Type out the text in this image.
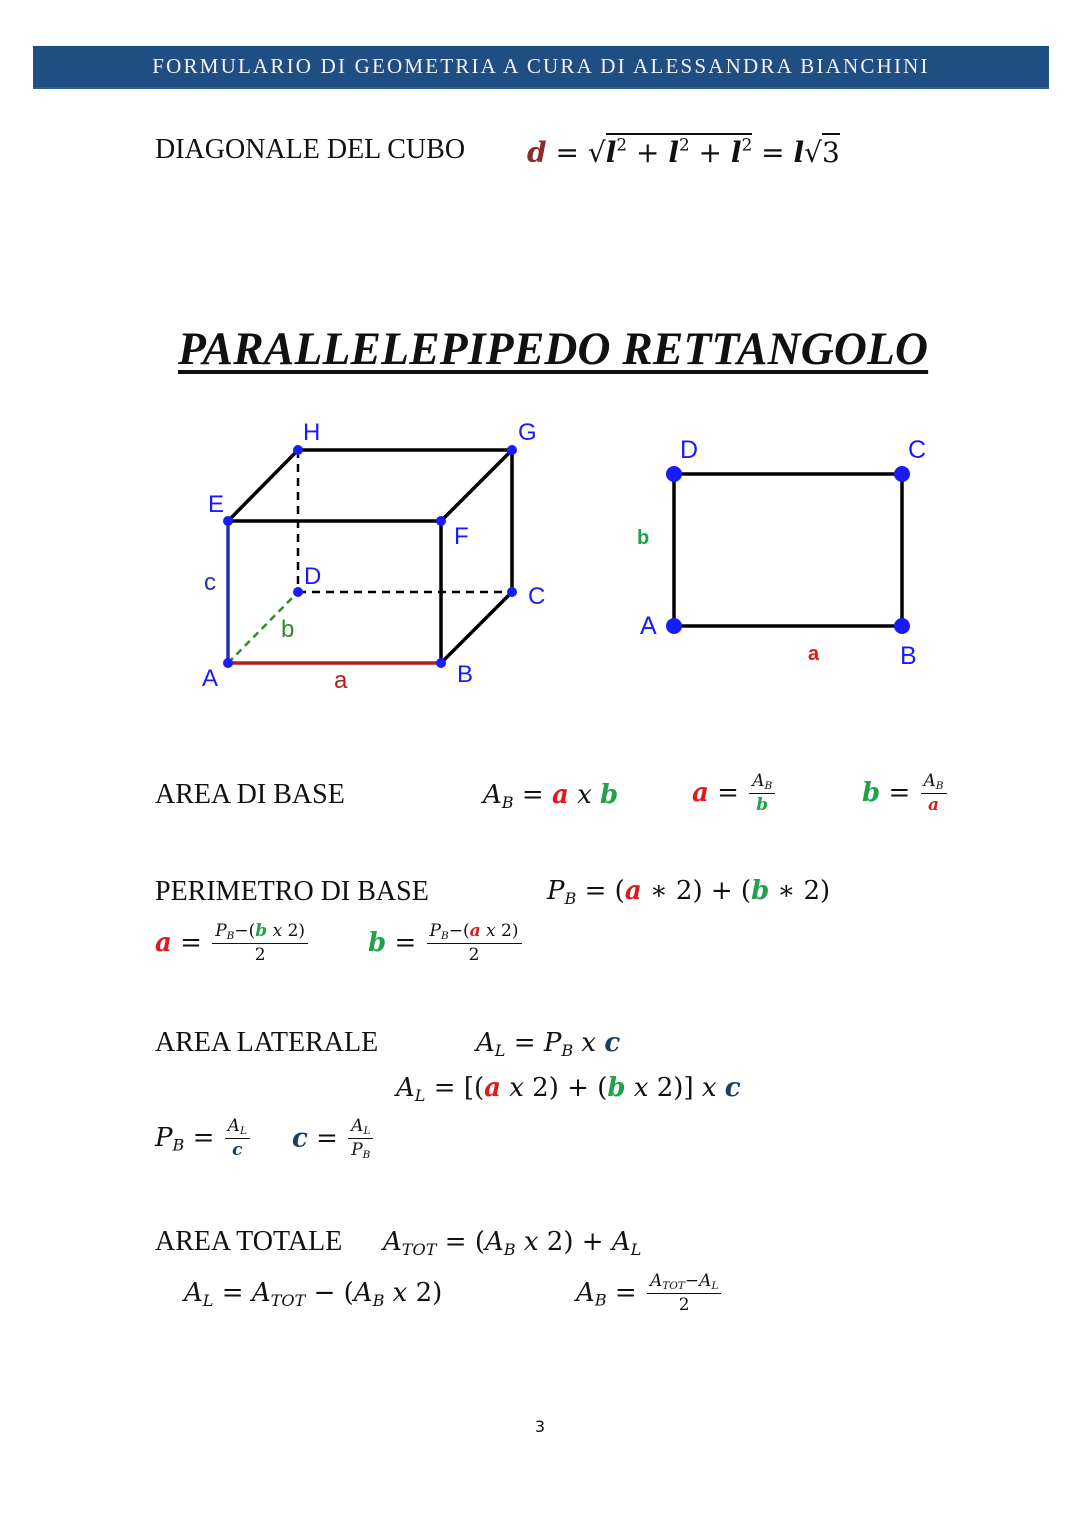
FORMULARIO DI GEOMETRIA A CURA DI ALESSANDRA BIANCHINI
DIAGONALE DEL CUBO $d = √l^2 + l^2 + l^2 = l√3$
PARALLELEPIPEDO RETTANGOLO
A	B
C
D
E
F
G
H
c
b
a
A
B
C
D
b
a
AREA DI BASE	$A_B = a$ x b	$a = \frac{A_B}{b}$	$b = \frac{A_B}{a}$
PERIMETRO DI BASE	$P_B = (a$ ∗ 2) + (b ∗ 2)
$a = \frac{P_B-(b x 2)}{2}$ $b = \frac{P_B-(a x 2)}{2}$
AREA LATERALE	$A_L = P_B$ x c
$A_L = [(a$ x 2) + (b x 2)] x c
$P_B = \frac{A_L}{c}$ $c = \frac{A_L}{P_B}$
AREA TOTALE $A_{TOT} = (A_B$ x $2) + A_L$
$A_L = A_{TOT} - (A_B$ x 2)	$A_B = \frac{A_{TOT}-A_L}{2}$
3
